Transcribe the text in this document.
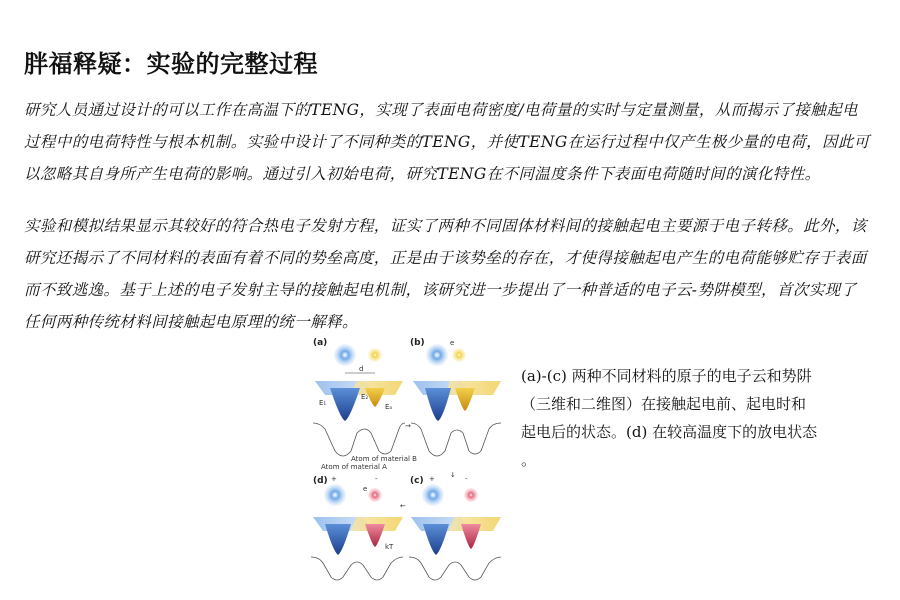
胖福释疑：实验的完整过程
研究人员通过设计的可以工作在高温下的TENG，实现了表面电荷密度/电荷量的实时与定量测量，从而揭示了接触起电过程中的电荷特性与根本机制。实验中设计了不同种类的TENG，并使TENG在运行过程中仅产生极少量的电荷，因此可以忽略其自身所产生电荷的影响。通过引入初始电荷，研究TENG在不同温度条件下表面电荷随时间的演化特性。
实验和模拟结果显示其较好的符合热电子发射方程，证实了两种不同固体材料间的接触起电主要源于电子转移。此外，该研究还揭示了不同材料的表面有着不同的势垒高度，正是由于该势垒的存在，才使得接触起电产生的电荷能够贮存于表面而不致逃逸。基于上述的电子发射主导的接触起电机制，该研究进一步提出了一种普适的电子云-势阱模型，首次实现了任何两种传统材料间接触起电原理的统一解释。
(a)
d
E₁
E₂
Eₐ
Atom of material A
Atom of material B
(b)	e
→
↓
←
(d) +	-
e
kT
(c) +	-
(a)-(c) 两种不同材料的原子的电子云和势阱
（三维和二维图）在接触起电前、起电时和
起电后的状态。(d) 在较高温度下的放电状态
。
